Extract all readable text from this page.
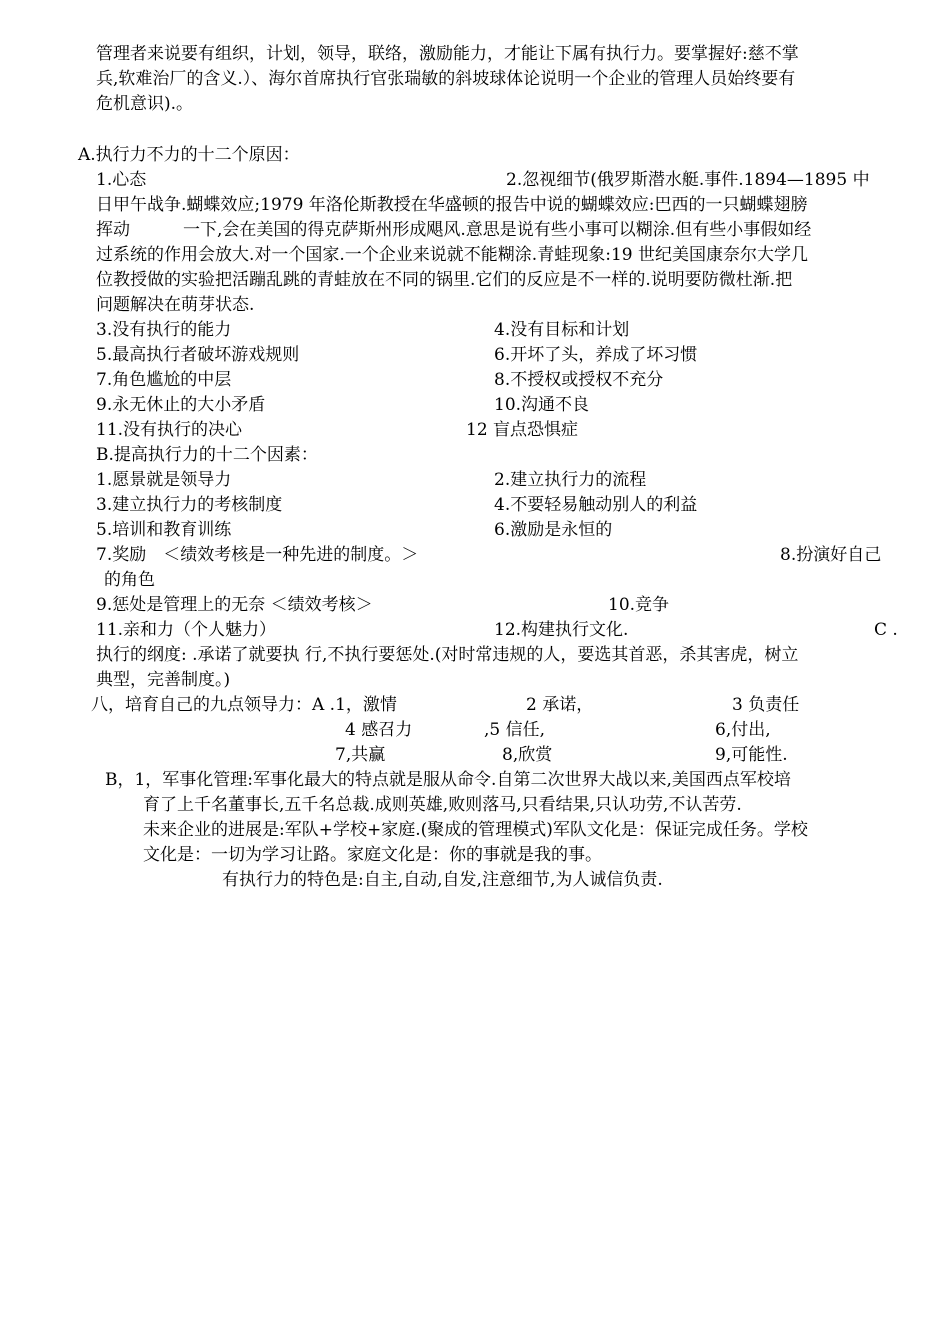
管理者来说要有组织，计划，领导，联络，激励能力，才能让下属有执行力。要掌握好:慈不掌
兵,软难治厂的含义.）、海尔首席执行官张瑞敏的斜坡球体论说明一个企业的管理人员始终要有
危机意识).。
A.执行力不力的十二个原因：
1.心态	2.忽视细节(俄罗斯潜水艇.事件.1894—1895 中
日甲午战争.蝴蝶效应;1979 年洛伦斯教授在华盛顿的报告中说的蝴蝶效应:巴西的一只蝴蝶翅膀
挥动	一下,会在美国的得克萨斯州形成飓风.意思是说有些小事可以糊涂.但有些小事假如经
过系统的作用会放大.对一个国家.一个企业来说就不能糊涂.青蛙现象:19 世纪美国康奈尔大学几
位教授做的实验把活蹦乱跳的青蛙放在不同的锅里.它们的反应是不一样的.说明要防微杜渐.把
问题解决在萌芽状态.
3.没有执行的能力	4.没有目标和计划
5.最高执行者破坏游戏规则	6.开坏了头，养成了坏习惯
7.角色尴尬的中层	8.不授权或授权不充分
9.永无休止的大小矛盾	10.沟通不良
11.没有执行的决心	12 盲点恐惧症
B.提高执行力的十二个因素：
1.愿景就是领导力	2.建立执行力的流程
3.建立执行力的考核制度	4.不要轻易触动别人的利益
5.培训和教育训练	6.激励是永恒的
7.奖励　＜绩效考核是一种先进的制度。＞	8.扮演好自己
的角色
9.惩处是管理上的无奈 ＜绩效考核＞	10.竞争
11.亲和力（个人魅力）	12.构建执行文化.	C .
执行的纲度: .承诺了就要执 行,不执行要惩处.(对时常违规的人，要选其首恶，杀其害虎，树立
典型，完善制度。)
八，培育自己的九点领导力：A .1，激情	2 承诺，	3 负责任
4 感召力	,5 信任,	6,付出,
7,共赢	8,欣赏	9,可能性.
B，1，军事化管理:军事化最大的特点就是服从命令.自第二次世界大战以来,美国西点军校培
育了上千名董事长,五千名总裁.成则英雄,败则落马,只看结果,只认功劳,不认苦劳.
未来企业的进展是:军队+学校+家庭.(聚成的管理模式)军队文化是：保证完成任务。学校
文化是：一切为学习让路。家庭文化是：你的事就是我的事。
有执行力的特色是:自主,自动,自发,注意细节,为人诚信负责.
